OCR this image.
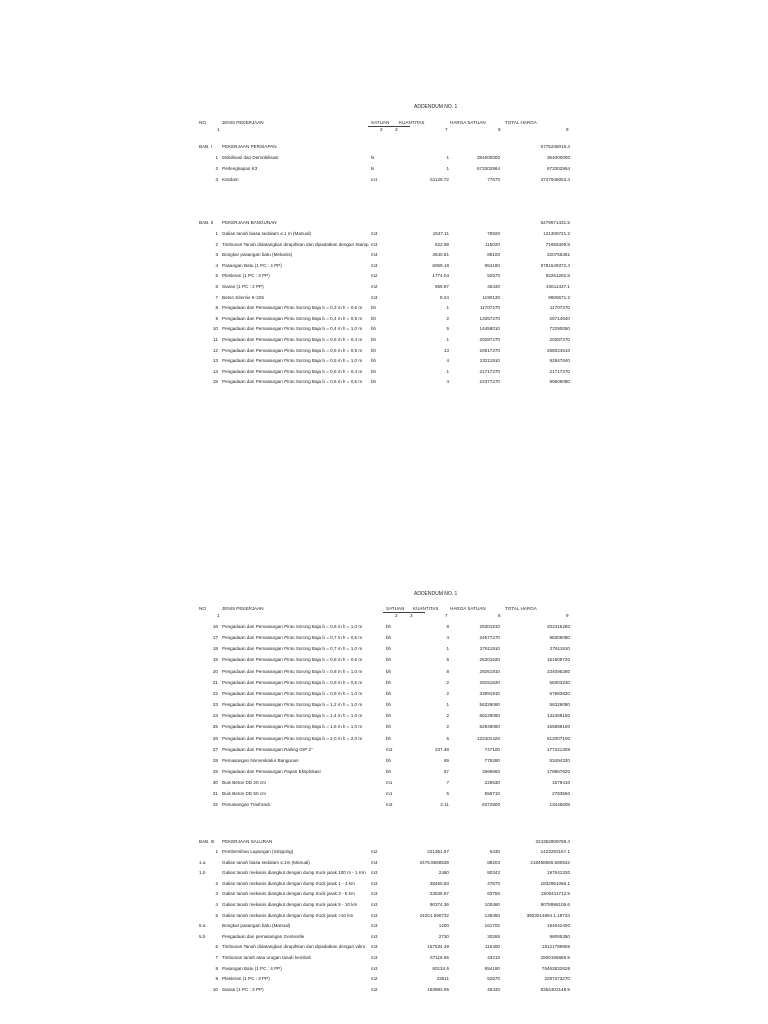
ADDENDUM NO. 1
NO	JENIS PEKERJAAN	SATUAN KUANTITAS	HARGA SATUAN	TOTAL HARGA
1	2	3	7	8	9
BAB. I PEKERJAAN PERSIAPAN	5775248016.4
1 Mobilisasi dan Demobilisasi	ls	1	354000000	354000000
2 Perlengkapan K3	ls	1	673302964	673302964
3 Kistdam	m1	61129.72	77670	4747945052.4
BAB. II PEKERJAAN BANGUNAN	6279671431.5
1 Galian tanah biasa sedalam ≤ 1 m (Manual)	m3	1537.11	78920	121308721.2
2 Timbunan Tanah didatangkan dirapihkan dan dipadatkan dengan Stamp m3	622.99	115020	71656309.8
3 Bongkar pasangan batu (Mekanis)	m3	3640.81	88100	320755361
4 Pasangan Batu (1 PC : 4 PP)	m3	6059.18	954180	5781549372.4
5 Plesteran (1 PC : 3 PP)	m2	1774.04	52570	93261282.8
6 Siaran (1 PC : 2 PP)	m2	959.87	45430	43611437.1
7 Beton Sitemix K-225	m3	8.24	1190130	9806671.2
8 Pengadaan dan Pemasangan Pintu Sorong Baja b = 0,3 m h = 0,5 m bh	1	11707270	11707270
9 Pengadaan dan Pemasangan Pintu Sorong Baja b = 0,4 m h = 0,5 m bh	2	13357270	26714540
10 Pengadaan dan Pemasangan Pintu Sorong Baja b = 0,4 m h = 1,0 m bh	5	14458010	72290050
11 Pengadaan dan Pemasangan Pintu Sorong Baja b = 0,5 m h = 0,4 m bh	1	20287270	20287270
12 Pengadaan dan Pemasangan Pintu Sorong Baja b = 0,5 m h = 0,5 m bh	13	20617270	268024510
13 Pengadaan dan Pemasangan Pintu Sorong Baja b = 0,5 m h = 1,0 m bh	4	23211910	92847640
14 Pengadaan dan Pemasangan Pintu Sorong Baja b = 0,6 m h = 0,4 m bh	1	21717270	21717270
15 Pengadaan dan Pemasangan Pintu Sorong Baja b = 0,6 m h = 0,5 m bh	4	22377270	89509080
ADDENDUM NO. 1
NO	JENIS PEKERJAAN	SATUAN KUANTITAS	HARGA SATUAN	TOTAL HARGA
1	2	3	7	8	9
16 Pengadaan dan Pemasangan Pintu Sorong Baja b = 0,6 m h = 1,0 m	bh	8	25301910	202415280
17 Pengadaan dan Pemasangan Pintu Sorong Baja b = 0,7 m h = 0,5 m	bh	4	24577270	98309080
18 Pengadaan dan Pemasangan Pintu Sorong Baja b = 0,7 m h = 1,0 m	bh	1	27611910	27611910
19 Pengadaan dan Pemasangan Pintu Sorong Baja b = 0,8 m h = 0,5 m	bh	6	25301620	151809720
20 Pengadaan dan Pemasangan Pintu Sorong Baja b = 0,8 m h = 1,0 m	bh	8	29261910	234095280
21 Pengadaan dan Pemasangan Pintu Sorong Baja b = 0,9 m h = 0,5 m	bh	2	29151620	58303240
22 Pengadaan dan Pemasangan Pintu Sorong Baja b = 0,9 m h = 1,0 m	bh	2	33991910	67983820
23 Pengadaan dan Pemasangan Pintu Sorong Baja b = 1,2 m h = 1,0 m	bh	1	56329080	56329080
24 Pengadaan dan Pemasangan Pintu Sorong Baja b = 1,4 m h = 1,0 m	bh	2	66229080	132458160
25 Pengadaan dan Pemasangan Pintu Sorong Baja b = 1,5 m h = 1,0 m	bh	2	82949080	165898160
26 Pengadaan dan Pemasangan Pintu Sorong Baja b = 2,0 m h = 2,0 m	bh	5	122401420	612007100
27 Pengadaan dan Pemasangan Railing GIP 2"	m2	237.48	747100	177421308
28 Pemasangan Nomenklatur Bangunan	bh	69	775280	53494320
29 Pengadaan dan Pemasangan Papan Eksploitasi	bh	67	2669660	178867620
30 Buis Beton DD 20 cm	m1	7	225630	1579410
31 Buis Beton DD 50 cm	m1	5	556710	2783550
32 Pemasangan Trashrack	m2	2.11	6372800	13446608
BAB. III PEKERJAAN SALURAN	22435280978​8.4
1 Pembersihan Lapangan (Stripping)	m2	221351.97	6430	1423293167.1
1.a	Galian tanah biasa sedalam ≤ 1m (Manual)	m3	2476.8658539	88203	218468586.580542
1.b	Galian tanah mekanis diangkut dengan dump truck jarak 100 m - 1 Km m3	2460	80342	197641320
2 Galian tanah mekanis diangkut dengan dump truck jarak 1 - 3 km	m3	38450.83	47670	1832951066.1
3 Galian tanah mekanis diangkut dengan dump truck jarak 3 - 5 km	m3	23535.87	63750	1500411712.5
4 Galian tanah mekanis diangkut dengan dump truck jarak 5 - 10 km	m3	90374.36	100460	9078998106.6
5 Galian tanah mekanis diangkut dengan dump truck jarak >10 km	m3	24201.590732	148450	3603014864 1.18734
5.a	Bongkar pasangan batu (Manual)	m3	1200	161702	194042400
5.b	Pengadaan dan pemasangan Geotextile	m3	2730	30265	98085350
6 Timbunan Tanah didatangkan dirapihkan dan dipadatkan dengan vibro m3	157534.39	115400	18121789806
7 Timbunan tanah atau urugan tanah kembali	m3	67118.65	43210	2900196866.5
8 Pasangan Batu (1 PC : 4 PP)	m3	80134.6	954180	76462832628
9 Plesteran (1 PC : 3 PP)	m2	43511	52570	2287373270
10 Siaran (1 PC : 2 PP)	m2	183893.95	45430	8354302148.5
